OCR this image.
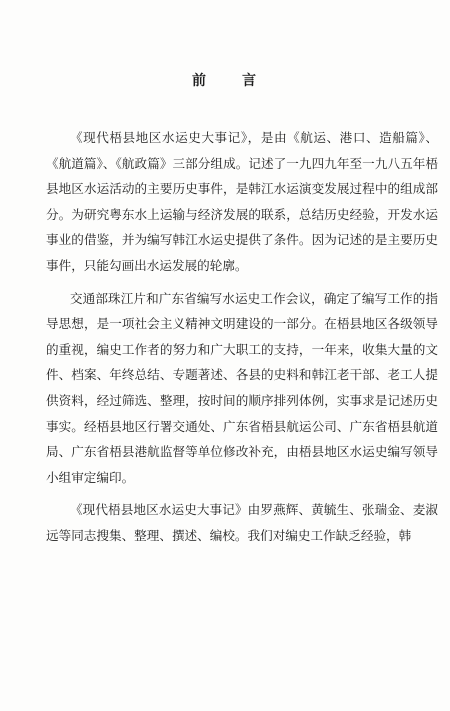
前 言

《现代梧县地区水运史大事记》，是由《航运、港口、造船篇》、《航道篇》、《航政篇》三部分组成。记述了一九四九年至一九八五年梧县地区水运活动的主要历史事件，是韩江水运演变发展过程中的组成部分。为研究粤东水上运输与经济发展的联系，总结历史经验，开发水运事业的借鉴，并为编写韩江水运史提供了条件。因为记述的是主要历史事件，只能勾画出水运发展的轮廓。

交通部珠江片和广东省编写水运史工作会议，确定了编写工作的指导思想，是一项社会主义精神文明建设的一部分。在梧县地区各级领导的重视，编史工作者的努力和广大职工的支持，一年来，收集大量的文件、档案、年终总结、专题著述、各县的史料和韩江老干部、老工人提供资料，经过筛选、整理，按时间的顺序排列体例，实事求是记述历史事实。经梧县地区行署交通处、广东省梧县航运公司、广东省梧县航道局、广东省梧县港航监督等单位修改补充，由梧县地区水运史编写领导小组审定编印。

《现代梧县地区水运史大事记》由罗燕辉、黄毓生、张瑞金、麦淑远等同志搜集、整理、撰述、编校。我们对编史工作缺乏经验，韩
